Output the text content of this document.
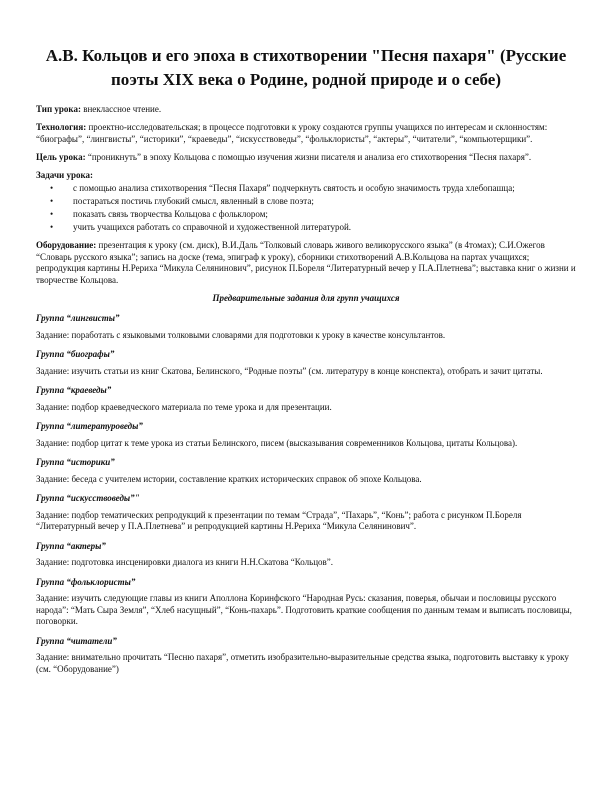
А.В. Кольцов и его эпоха в стихотворении "Песня пахаря" (Русские поэты XIX века о Родине, родной природе и о себе)

Тип урока: внеклассное чтение.

Технология: проектно-исследовательская; в процессе подготовки к уроку создаются группы учащихся по интересам и склонностям: “биографы”, “лингвисты”, “историки”, “краеведы”, “искусствоведы”, “фольклористы”, “актеры”, “читатели”, “компьютерщики”.

Цель урока: “проникнуть” в эпоху Кольцова с помощью изучения жизни писателя и анализа его стихотворения “Песня пахаря”.

Задачи урока:
• с помощью анализа стихотворения “Песня Пахаря” подчеркнуть святость и особую значимость труда хлебопашца;
• постараться постичь глубокий смысл, явленный в слове поэта;
• показать связь творчества Кольцова с фольклором;
• учить учащихся работать со справочной и художественной литературой.

Оборудование: презентация к уроку (см. диск), В.И.Даль “Толковый словарь живого великорусского языка” (в 4томах); С.И.Ожегов “Словарь русского языка”; запись на доске (тема, эпиграф к уроку), сборники стихотворений А.В.Кольцова на партах учащихся; репродукция картины Н.Рериха “Микула Селянинович”, рисунок П.Бореля “Литературный вечер у П.А.Плетнева”; выставка книг о жизни и творчестве Кольцова.

Предварительные задания для групп учащихся
Группа “лингвисты”
Задание: поработать с языковыми толковыми словарями для подготовки к уроку в качестве консультантов.
Группа “биографы”
Задание: изучить статьи из книг Скатова, Белинского, “Родные поэты” (см. литературу в конце конспекта), отобрать и зачит цитаты.
Группа “краеведы”
Задание: подбор краеведческого материала по теме урока и для презентации.
Группа “литературоведы”
Задание: подбор цитат к теме урока из статьи Белинского, писем (высказывания современников Кольцова, цитаты Кольцова).
Группа “историки”
Задание: беседа с учителем истории, составление кратких исторических справок об эпохе Кольцова.
Группа “искусствоведы”"
Задание: подбор тематических репродукций к презентации по темам “Страда”, “Пахарь”, “Конь”; работа с рисунком П.Бореля “Литературный вечер у П.А.Плетнева” и репродукцией картины Н.Рериха “Микула Селянинович”.
Группа “актеры”
Задание: подготовка инсценировки диалога из книги Н.Н.Скатова “Кольцов”.
Группа “фольклористы”
Задание: изучить следующие главы из книги Аполлона Коринфского “Народная Русь: сказания, поверья, обычаи и пословицы русского народа”: “Мать Сыра Земля”, “Хлеб насущный”, “Конь-пахарь”. Подготовить краткие сообщения по данным темам и выписать пословицы, поговорки.
Группа “читатели”
Задание: внимательно прочитать “Песню пахаря”, отметить изобразительно-выразительные средства языка, подготовить выставку к уроку (см. “Оборудование”)
